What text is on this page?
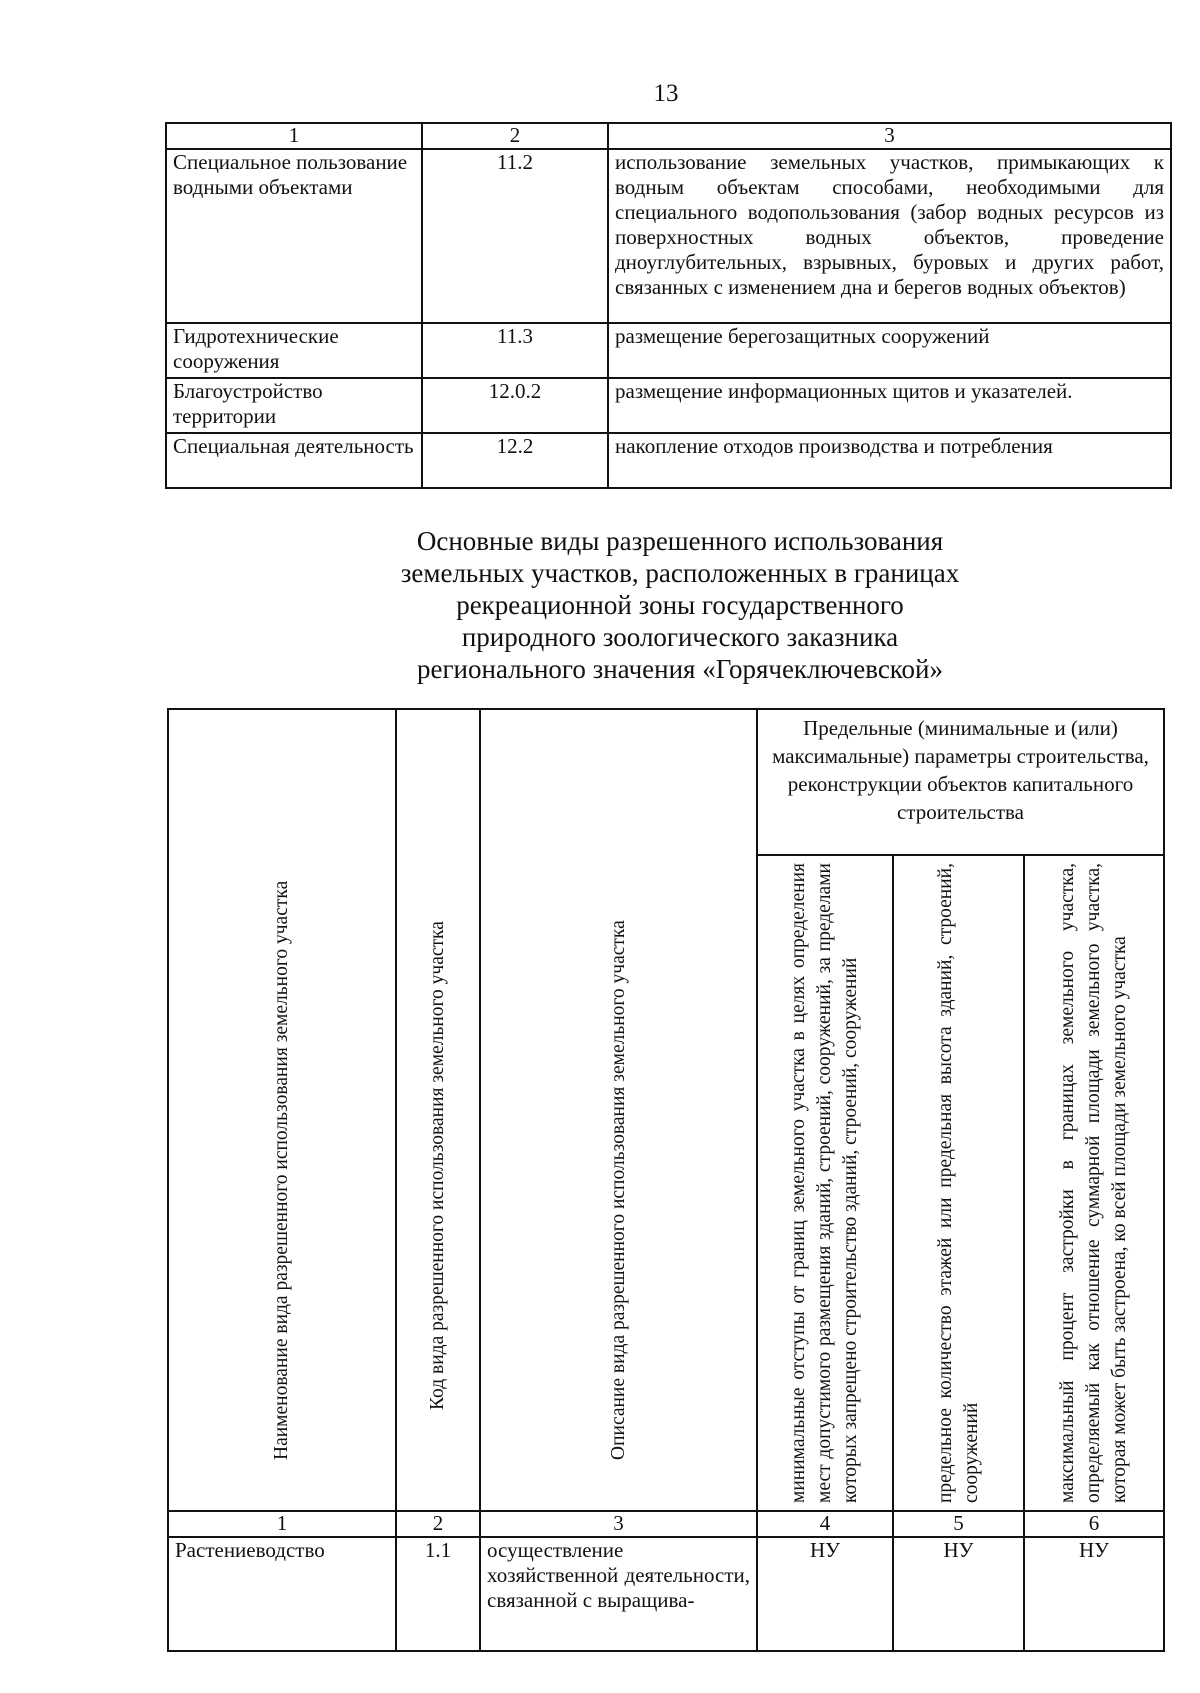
13
1	2	3
Специальное пользование водными объектами	11.2	использование земельных участков, примыкающих к водным объектам способами, необходимыми для специального водопользования (забор водных ресурсов из поверхностных водных объектов, проведение дноуглубительных, взрывных, буровых и других работ, связанных с изменением дна и берегов водных объектов)
Гидротехнические сооружения	11.3	размещение берегозащитных сооружений
Благоустройство территории	12.0.2	размещение информационных щитов и указателей.
Специальная деятельность	12.2	накопление отходов производства и потребления
Основные виды разрешенного использования
земельных участков, расположенных в границах
рекреационной зоны государственного
природного зоологического заказника
регионального значения «Горячеключевской»
Наименование вида разрешенного использования земельного участка	Код вида разрешенного использования земельного участка	Описание вида разрешенного использования земельного участка	Предельные (минимальные и (или) максимальные) параметры строительства, реконструкции объектов капитального строительства		

			минимальные отступы от границ земельного участка в целях определения мест допустимого размещения зданий, строений, сооружений, за пределами которых запрещено строительство зданий, строений, сооружений	предельное количество этажей или предельная высота зданий, строений, сооружений	максимальный процент застройки в границах земельного участка, определяемый как отношение суммарной площади земельного участка, которая может быть застроена, ко всей площади земельного участка

1	2	3	4	5	6
Растениеводство	1.1	осуществление хозяйственной деятельности, связанной с выращива-	НУ	НУ	НУ
